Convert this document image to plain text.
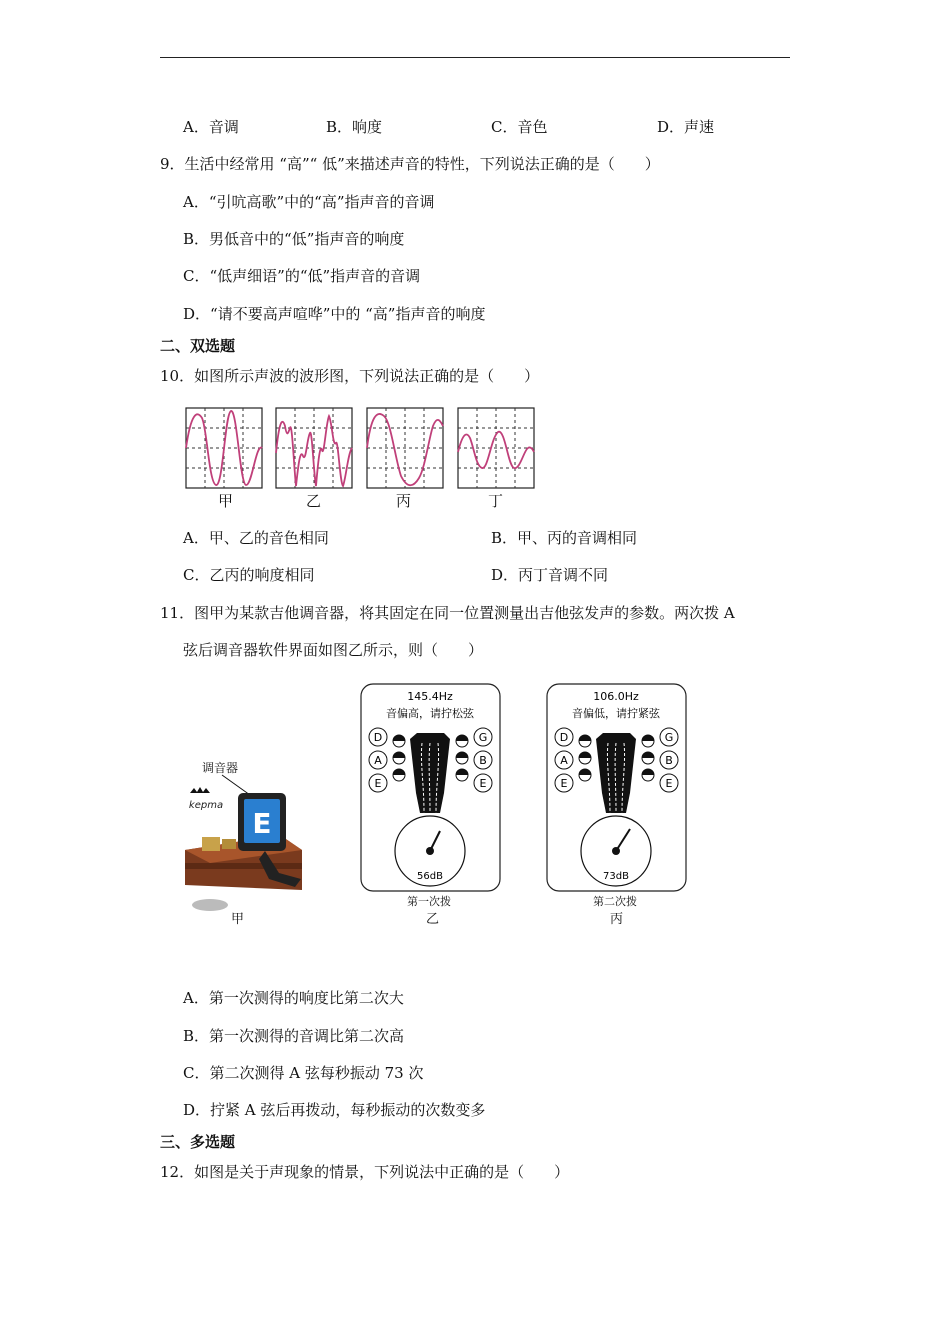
A．音调	B．响度	C．音色	D．声速
9．生活中经常用 “高”“ 低”来描述声音的特性，下列说法正确的是（　　）
A．“引吭高歌”中的“高”指声音的音调
B．男低音中的“低”指声音的响度
C．“低声细语”的“低”指声音的音调
D．“请不要高声喧哗”中的 “高”指声音的响度
二、双选题
10．如图所示声波的波形图，下列说法正确的是（　　）
甲	乙	丙	丁
A．甲、乙的音色相同	B．甲、丙的音调相同
C．乙丙的响度相同	D．丙丁音调不同
11．图甲为某款吉他调音器，将其固定在同一位置测量出吉他弦发声的参数。两次拨 A
弦后调音器软件界面如图乙所示，则（　　）
kepma
E
调音器
甲
145.4Hz
音偏高，请拧松弦
D
A
E
G
B
E
56dB
第一次拨
乙
106.0Hz
音偏低，请拧紧弦
D
A
E
G
B
E
73dB
第二次拨
丙
A．第一次测得的响度比第二次大
B．第一次测得的音调比第二次高
C．第二次测得 A 弦每秒振动 73 次
D．拧紧 A 弦后再拨动，每秒振动的次数变多
三、多选题
12．如图是关于声现象的情景，下列说法中正确的是（　　）
